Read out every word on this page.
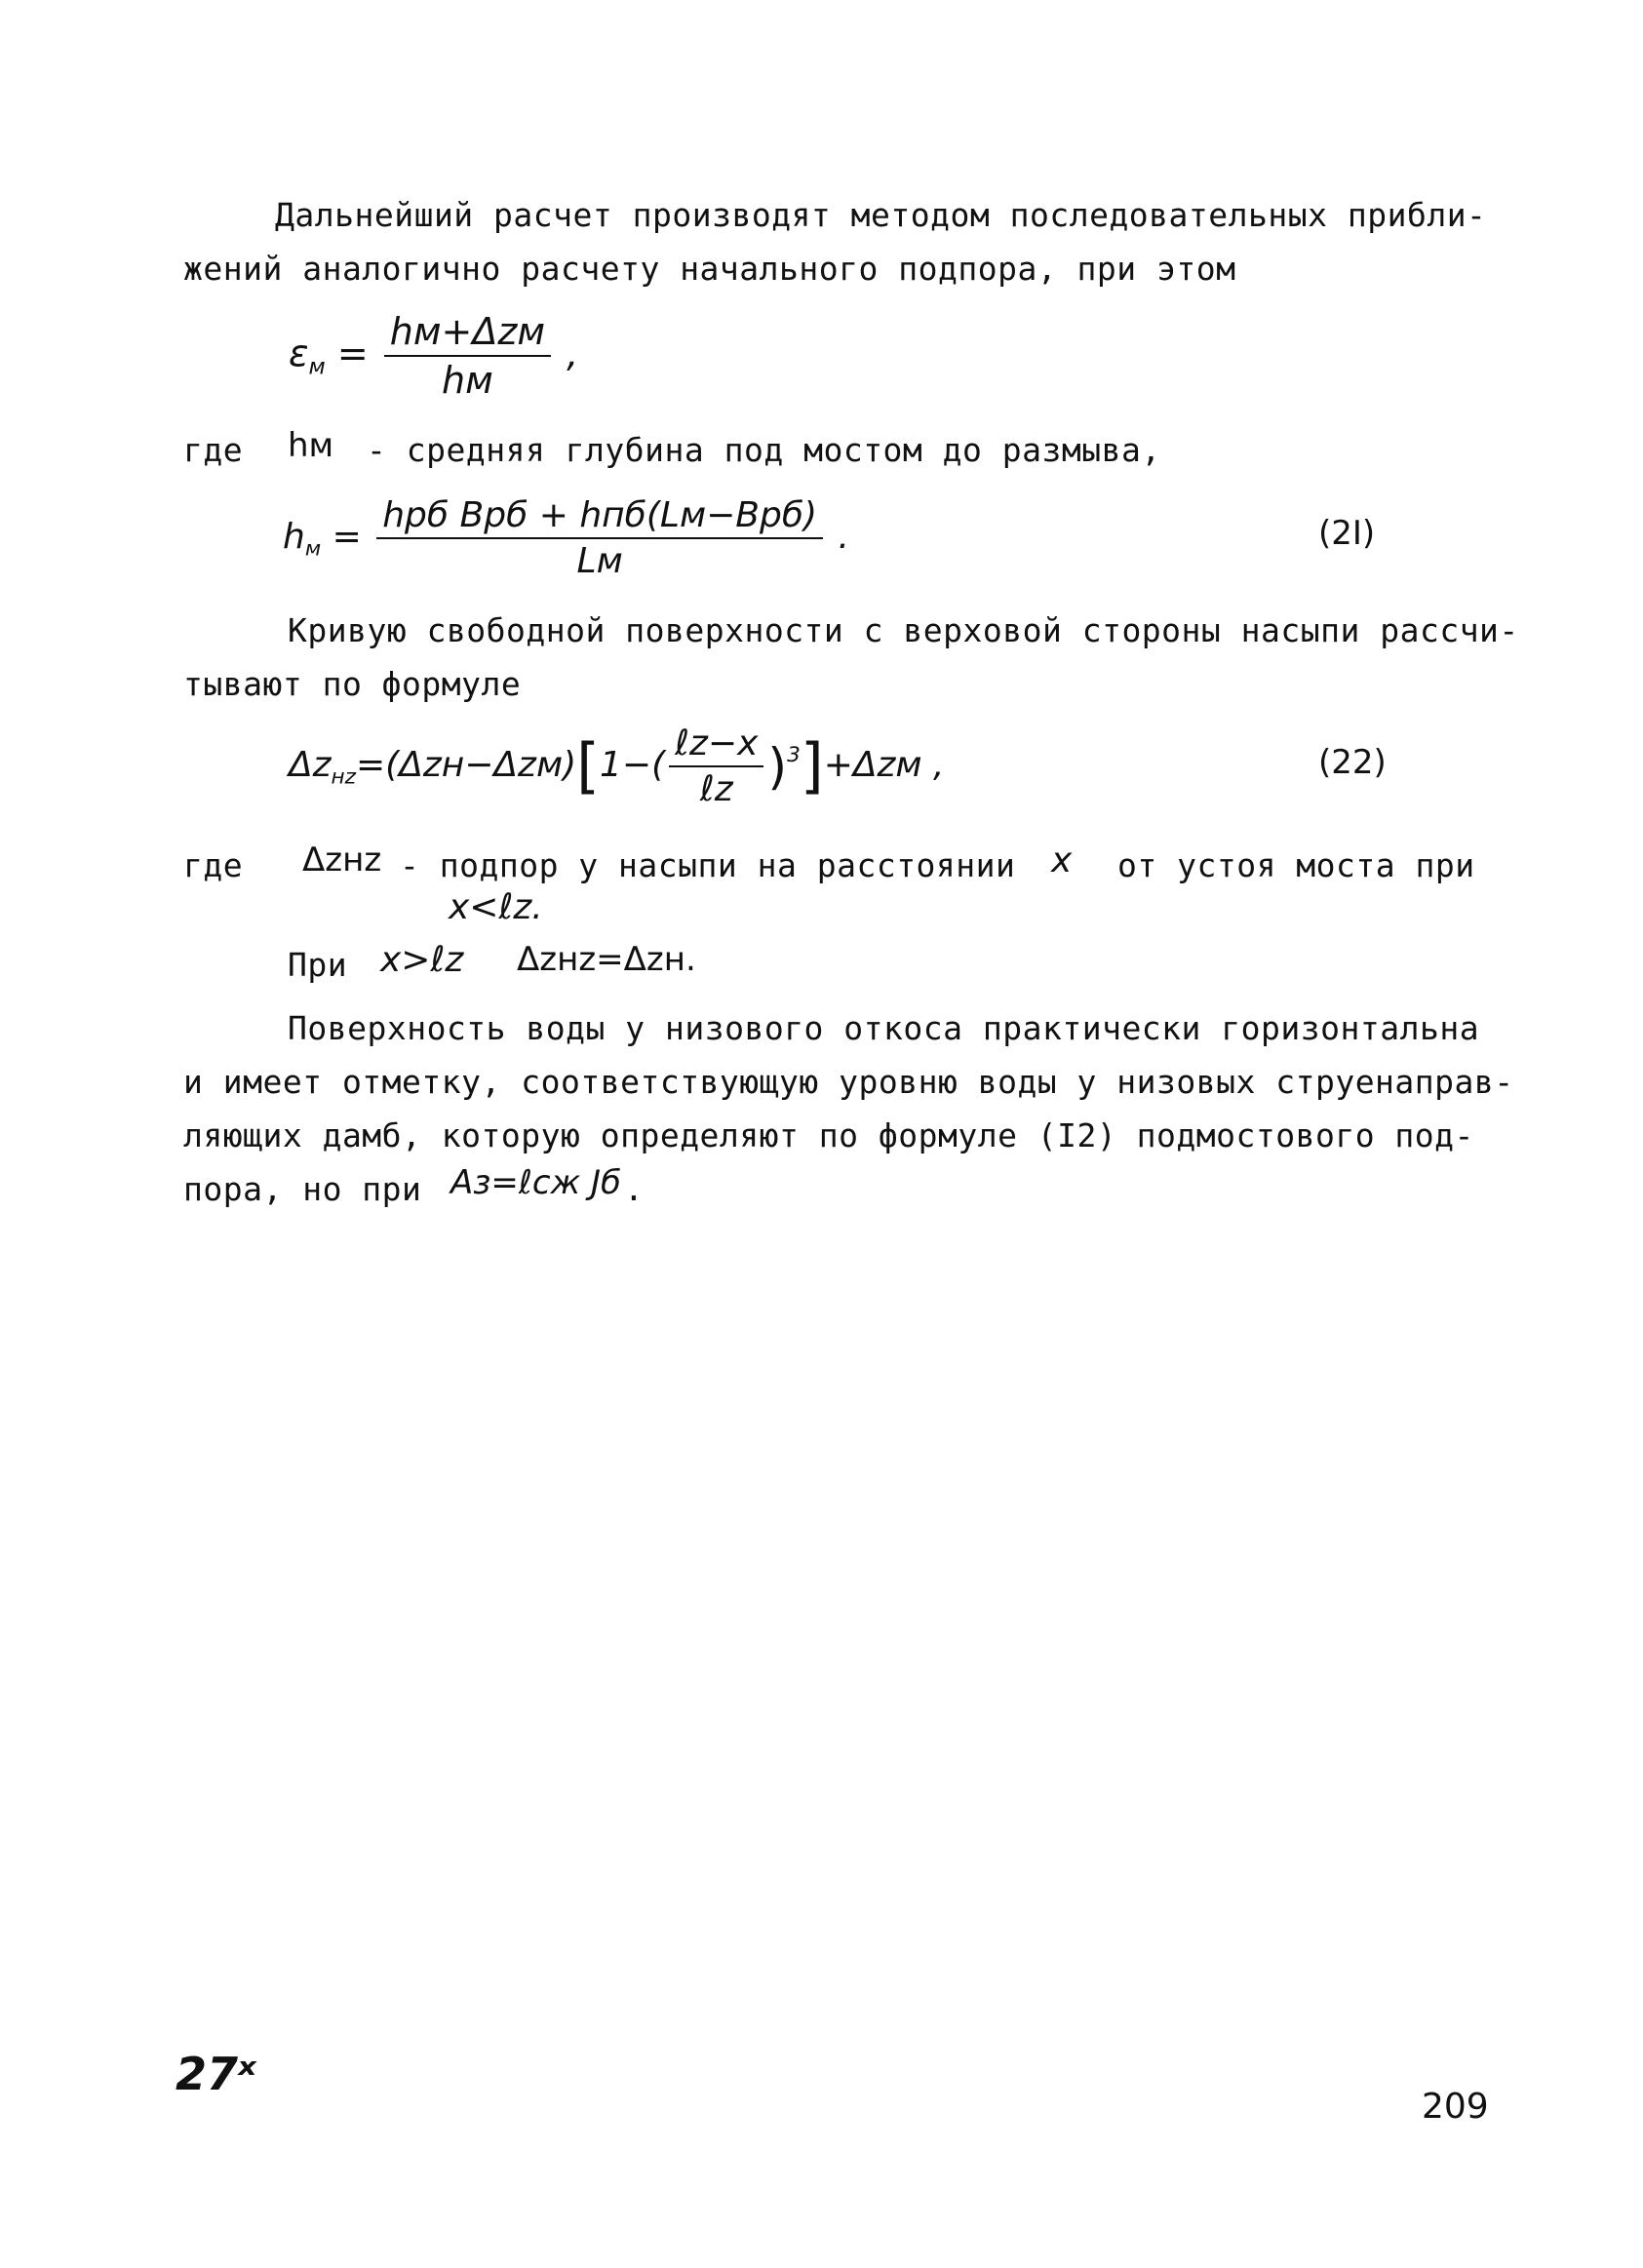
Дальнейший расчет производят методом последовательных прибли-
жений аналогично расчету начального подпора, при этом
$\varepsilon_м = \frac{\text{hм+Δzм}}{hм}$ ,
где hм - средняя глубина под мостом до размыва,
$h_м = \frac{\text{hрб Bрб + hпб(Lм−Bрб)}}{Lм}$ .	(2I)
Кривую свободной поверхности с верховой стороны насыпи рассчи-
тывают по формуле
$\Delta z_{нz}=(\Delta zн-\Delta zм)[1-( \frac{\text{ℓz−x}}{\text{ℓz}} )^3]+\Delta zм$ ,	(22)
где Δzнz - подпор у насыпи на расстоянии x от устоя моста при
x<ℓz.
При x>ℓz Δzнz=Δzн.
Поверхность воды у низового откоса практически горизонтальна
и имеет отметку, соответствующую уровню воды у низовых струенаправ-
ляющих дамб, которую определяют по формуле (I2) подмостового под-
пора, но при Aз=ℓсж Jб .
27ˣ
209
